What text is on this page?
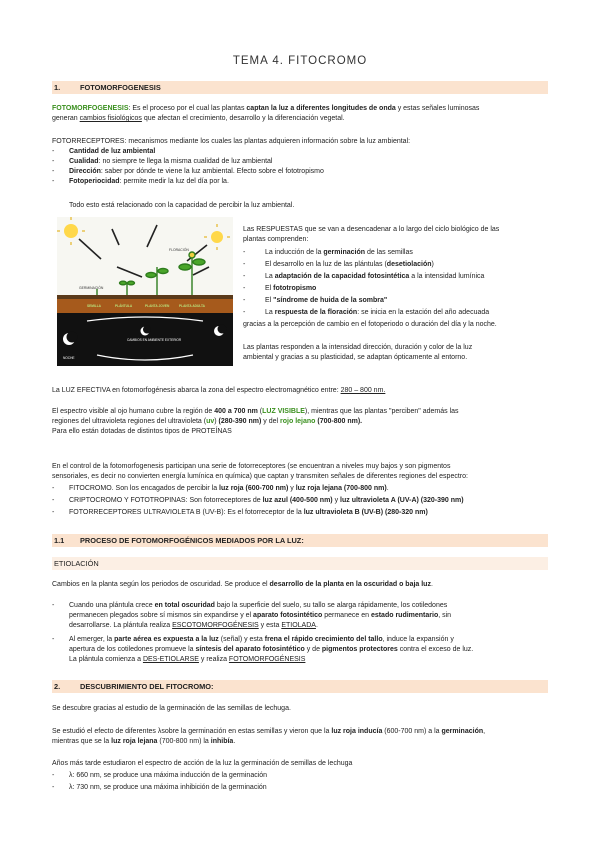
TEMA 4. FITOCROMO
1.	FOTOMORFOGENESIS
FOTOMORFOGENESIS: Es el proceso por el cual las plantas captan la luz a diferentes longitudes de onda y estas señales luminosas
generan cambios fisiológicos que afectan el crecimiento, desarrollo y la diferenciación vegetal.
FOTORRECEPTORES: mecanismos mediante los cuales las plantas adquieren información sobre la luz ambiental:
- Cantidad de luz ambiental
- Cualidad: no siempre te llega la misma cualidad de luz ambiental
- Dirección: saber por dónde te viene la luz ambiental. Efecto sobre el fototropismo
- Fotoperiocidad: permite medir la luz del día por la.
Todo esto está relacionado con la capacidad de percibir la luz ambiental.
GERMINACIÓN
FLORACIÓN
SEMILLA	PLÁNTULA	PLANTA JOVEN	PLANTA ADULTA
NOCHE
CAMBIOS EN AMBIENTE EXTERIOR
Las RESPUESTAS que se van a desencadenar a lo largo del ciclo biológico de las
plantas comprenden:
-	La inducción de la germinación de las semillas
-	El desarrollo en la luz de las plántulas (desetiolación)
-	La adaptación de la capacidad fotosintética a la intensidad lumínica
-	El fototropismo
-	El "síndrome de huida de la sombra"
-	La respuesta de la floración: se inicia en la estación del año adecuada
gracias a la percepción de cambio en el fotoperiodo o duración del día y la noche.
Las plantas responden a la intensidad dirección, duración y color de la luz
ambiental y gracias a su plasticidad, se adaptan ópticamente al entorno.
La LUZ EFECTIVA en fotomorfogénesis abarca la zona del espectro electromagnético entre: 280 – 800 nm.
El espectro visible al ojo humano cubre la región de 400 a 700 nm (LUZ VISIBLE), mientras que las plantas "perciben" además las
regiones del ultravioleta regiones del ultravioleta (uv) (280-390 nm) y del rojo lejano (700-800 nm).
Para ello están dotadas de distintos tipos de PROTEÍNAS
En el control de la fotomorfogenesis participan una serie de fotorreceptores (se encuentran a niveles muy bajos y son pigmentos
sensoriales, es decir no convierten energía lumínica en química) que captan y transmiten señales de diferentes regiones del espectro:
- FITOCROMO. Son los encagados de percibir la luz roja (600-700 nm) y luz roja lejana (700-800 nm).
- CRIPTOCROMO Y FOTOTROPINAS: Son fotorreceptores de luz azul (400-500 nm) y luz ultravioleta A (UV-A) (320-390 nm)
- FOTORRECEPTORES ULTRAVIOLETA B (UV-B): Es el fotorreceptor de la luz ultravioleta B (UV-B) (280-320 nm)
1.1 PROCESO DE FOTOMORFOGÉNICOS MEDIADOS POR LA LUZ:
ETIOLACIÓN
Cambios en la planta según los periodos de oscuridad. Se produce el desarrollo de la planta en la oscuridad o baja luz.
- Cuando una plántula crece en total oscuridad bajo la superficie del suelo, su tallo se alarga rápidamente, los cotiledones
permanecen plegados sobre sí mismos sin expandirse y el aparato fotosintético permanece en estado rudimentario, sin
desarrollarse. La plántula realiza ESCOTOMORFOGÉNESIS y esta ETIOLADA.
- Al emerger, la parte aérea es expuesta a la luz (señal) y esta frena el rápido crecimiento del tallo, induce la expansión y
apertura de los cotiledones promueve la síntesis del aparato fotosintético y de pigmentos protectores contra el exceso de luz.
La plántula comienza a DES-ETIOLARSE y realiza FOTOMORFOGÉNESIS
2.	DESCUBRIMIENTO DEL FITOCROMO:
Se descubre gracias al estudio de la germinación de las semillas de lechuga.
Se estudió el efecto de diferentes λsobre la germinación en estas semillas y vieron que la luz roja inducía (600-700 nm) a la germinación,
mientras que se la luz roja lejana (700-800 nm) la inhibía.
Años más tarde estudiaron el espectro de acción de la luz la germinación de semillas de lechuga
- λ: 660 nm, se produce una máxima inducción de la germinación
- λ: 730 nm, se produce una máxima inhibición de la germinación
